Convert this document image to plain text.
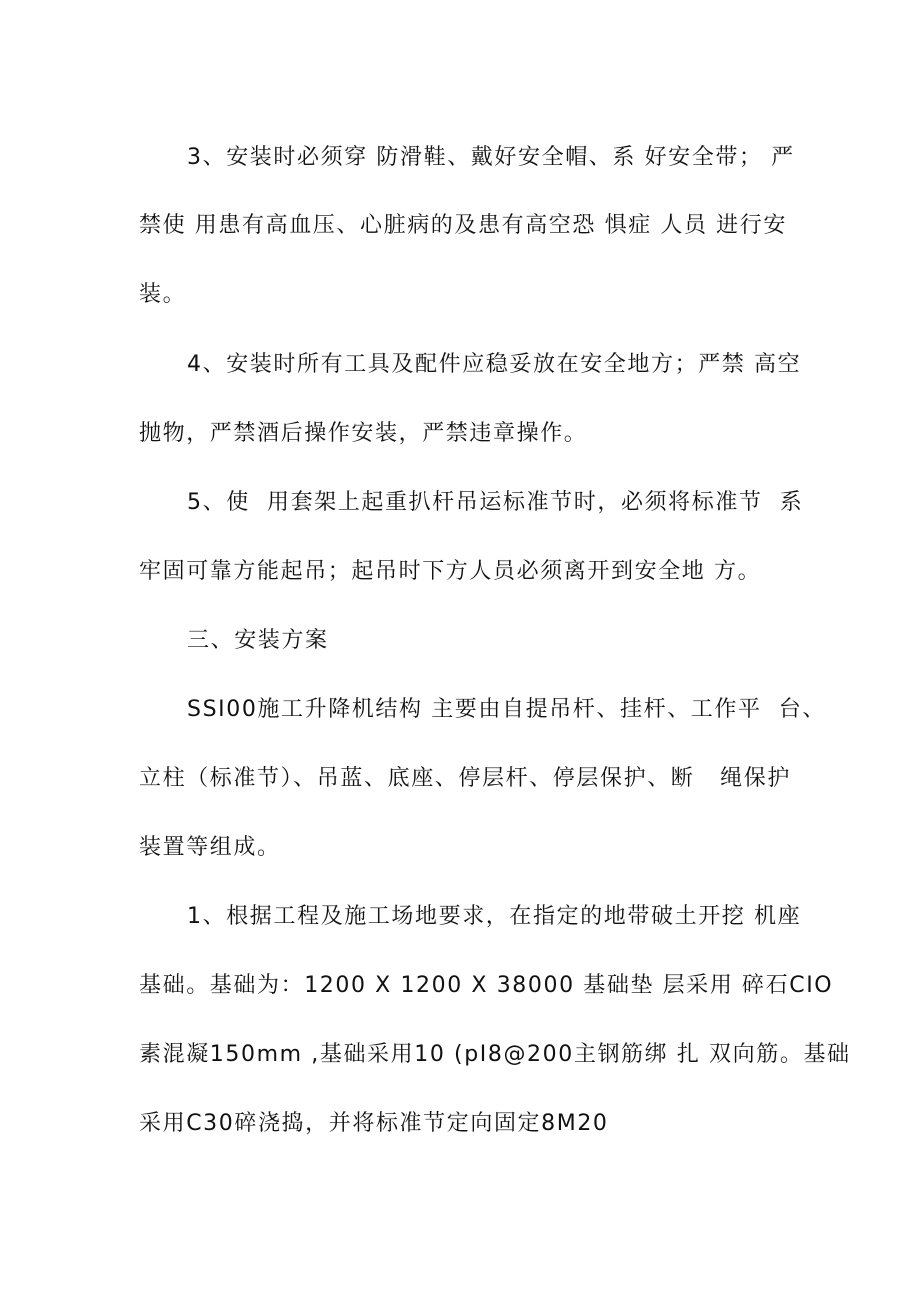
3、安装时必须穿 防滑鞋、戴好安全帽、系 好安全带； 严
禁使 用患有高血压、心脏病的及患有高空恐 惧症 人员 进行安
装。
4、安装时所有工具及配件应稳妥放在安全地方；严禁 高空
抛物，严禁酒后操作安装，严禁违章操作。
5、使  用套架上起重扒杆吊运标准节时，必须将标准节  系
牢固可靠方能起吊；起吊时下方人员必须离开到安全地 方。
三、安装方案
SSI00施工升降机结构 主要由自提吊杆、挂杆、工作平  台、
立柱（标准节）、吊蓝、底座、停层杆、停层保护、断   绳保护
装置等组成。
1、根据工程及施工场地要求，在指定的地带破土开挖 机座
基础。基础为：1200 X 1200 X 38000 基础垫 层采用 碎石CIO
素混凝150mm ,基础采用10 (pI8@200主钢筋绑 扎 双向筋。基础
采用C30碎浇捣，并将标准节定向固定8M20
